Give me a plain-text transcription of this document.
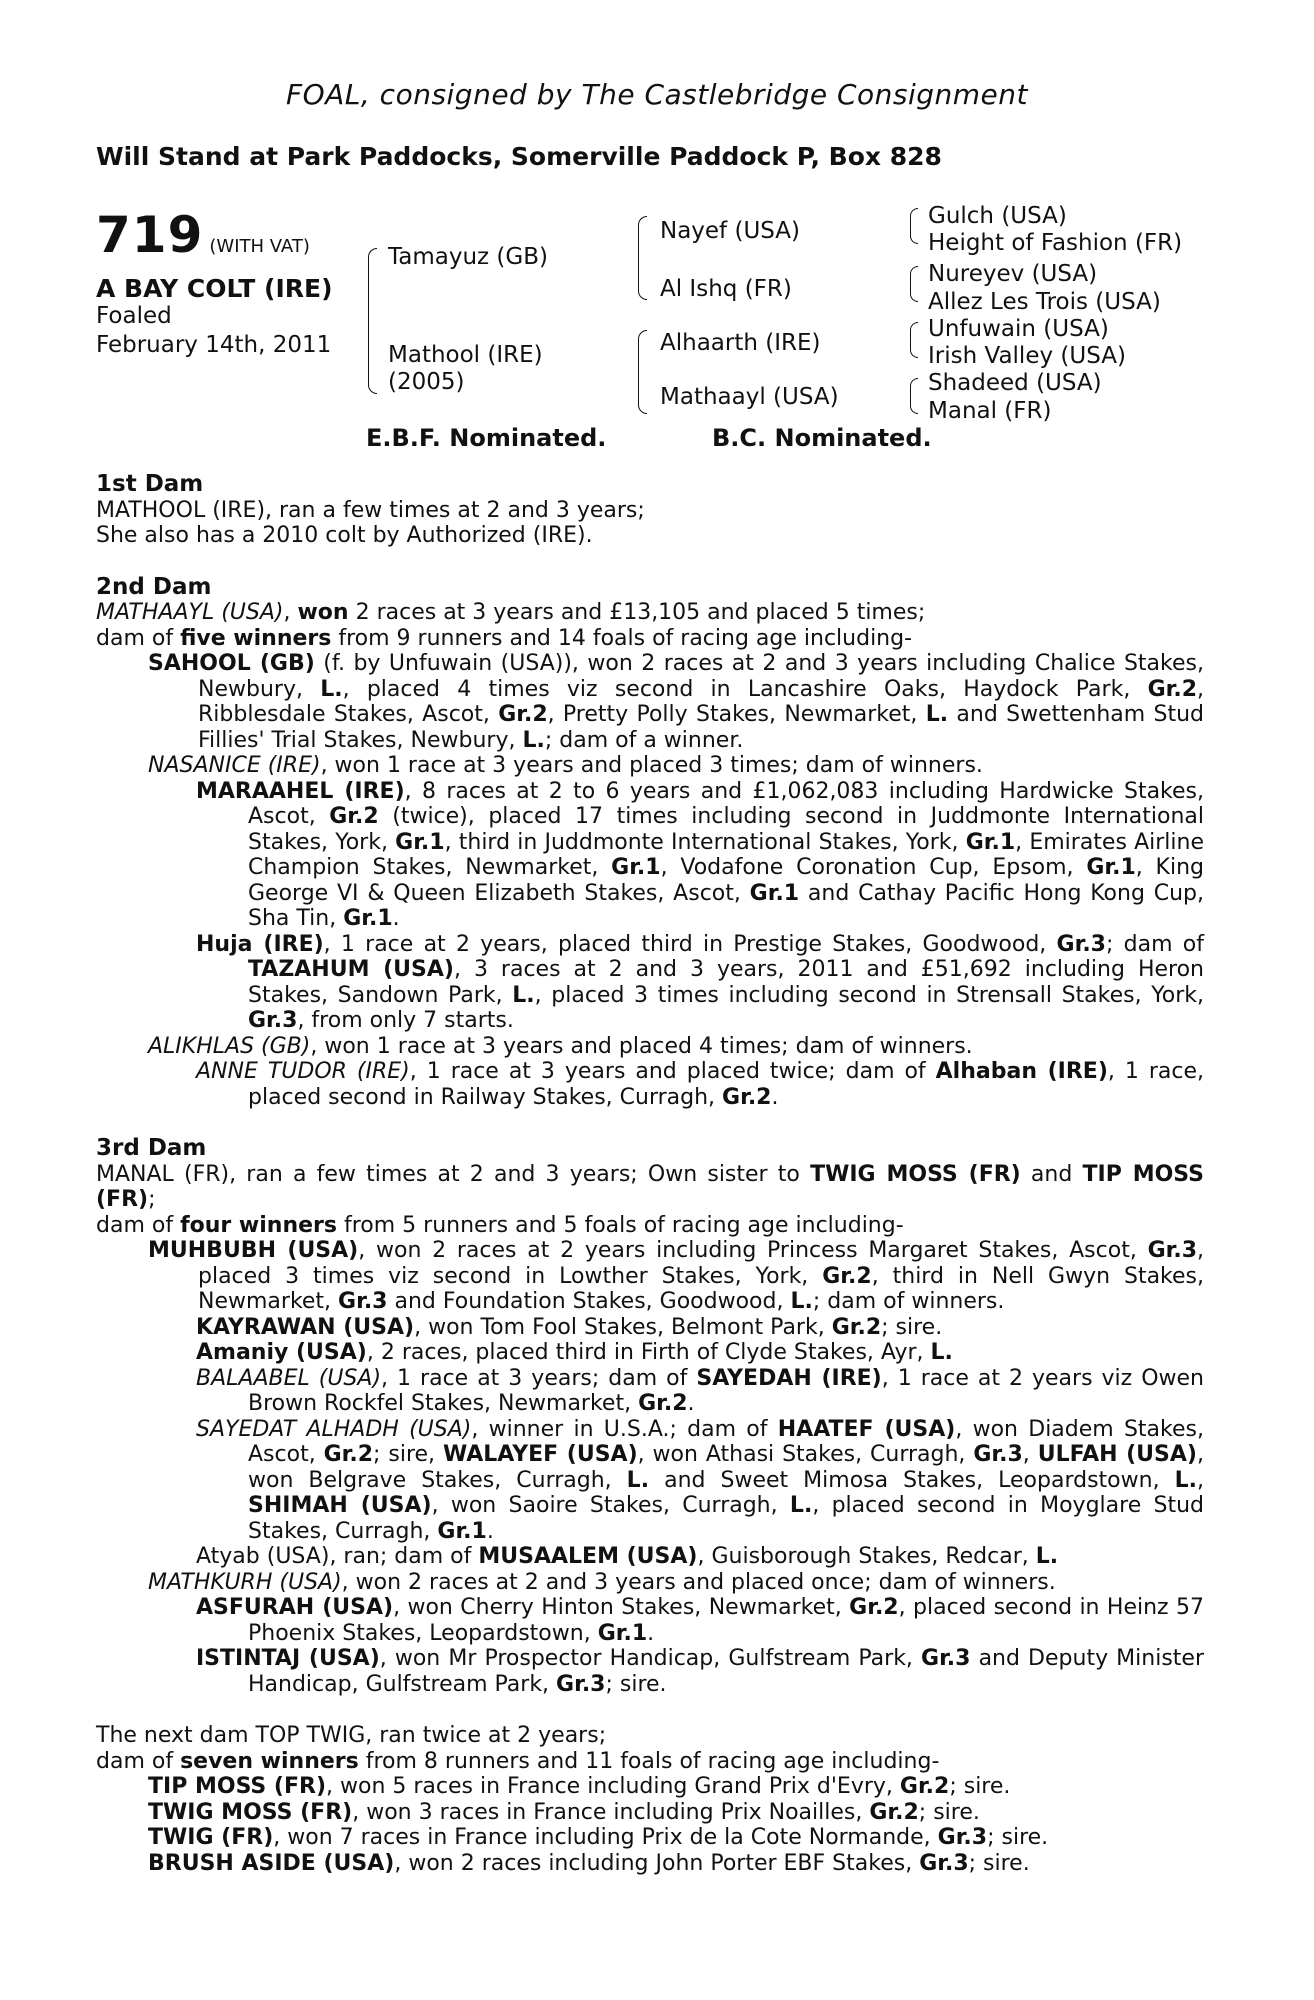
FOAL, consigned by The Castlebridge Consignment
Will Stand at Park Paddocks, Somerville Paddock P, Box 828
719 (WITH VAT)
A BAY COLT (IRE)
Foaled
February 14th, 2011
Tamayuz (GB)
Mathool (IRE)
(2005)
Nayef (USA)
Al Ishq (FR)
Alhaarth (IRE)
Mathaayl (USA)
Gulch (USA)
Height of Fashion (FR)
Nureyev (USA)
Allez Les Trois (USA)
Unfuwain (USA)
Irish Valley (USA)
Shadeed (USA)
Manal (FR)
E.B.F. Nominated.	B.C. Nominated.

1st Dam

MATHOOL (IRE), ran a few times at 2 and 3 years;

She also has a 2010 colt by Authorized (IRE).

2nd Dam

MATHAAYL (USA), won 2 races at 3 years and £13,105 and placed 5 times;

dam of five winners from 9 runners and 14 foals of racing age including-

SAHOOL (GB) (f. by Unfuwain (USA)), won 2 races at 2 and 3 years including Chalice Stakes, Newbury, L., placed 4 times viz second in Lancashire Oaks, Haydock Park, Gr.2, Ribblesdale Stakes, Ascot, Gr.2, Pretty Polly Stakes, Newmarket, L. and Swettenham Stud Fillies' Trial Stakes, Newbury, L.; dam of a winner.

NASANICE (IRE), won 1 race at 3 years and placed 3 times; dam of winners.

MARAAHEL (IRE), 8 races at 2 to 6 years and £1,062,083 including Hardwicke Stakes, Ascot, Gr.2 (twice), placed 17 times including second in Juddmonte International Stakes, York, Gr.1, third in Juddmonte International Stakes, York, Gr.1, Emirates Airline Champion Stakes, Newmarket, Gr.1, Vodafone Coronation Cup, Epsom, Gr.1, King George VI & Queen Elizabeth Stakes, Ascot, Gr.1 and Cathay Pacific Hong Kong Cup, Sha Tin, Gr.1.

Huja (IRE), 1 race at 2 years, placed third in Prestige Stakes, Goodwood, Gr.3; dam of TAZAHUM (USA), 3 races at 2 and 3 years, 2011 and £51,692 including Heron Stakes, Sandown Park, L., placed 3 times including second in Strensall Stakes, York, Gr.3, from only 7 starts.

ALIKHLAS (GB), won 1 race at 3 years and placed 4 times; dam of winners.

ANNE TUDOR (IRE), 1 race at 3 years and placed twice; dam of Alhaban (IRE), 1 race, placed second in Railway Stakes, Curragh, Gr.2.

3rd Dam

MANAL (FR), ran a few times at 2 and 3 years; Own sister to TWIG MOSS (FR) and TIP MOSS (FR);

dam of four winners from 5 runners and 5 foals of racing age including-

MUHBUBH (USA), won 2 races at 2 years including Princess Margaret Stakes, Ascot, Gr.3, placed 3 times viz second in Lowther Stakes, York, Gr.2, third in Nell Gwyn Stakes, Newmarket, Gr.3 and Foundation Stakes, Goodwood, L.; dam of winners.

KAYRAWAN (USA), won Tom Fool Stakes, Belmont Park, Gr.2; sire.

Amaniy (USA), 2 races, placed third in Firth of Clyde Stakes, Ayr, L.

BALAABEL (USA), 1 race at 3 years; dam of SAYEDAH (IRE), 1 race at 2 years viz Owen Brown Rockfel Stakes, Newmarket, Gr.2.

SAYEDAT ALHADH (USA), winner in U.S.A.; dam of HAATEF (USA), won Diadem Stakes, Ascot, Gr.2; sire, WALAYEF (USA), won Athasi Stakes, Curragh, Gr.3, ULFAH (USA), won Belgrave Stakes, Curragh, L. and Sweet Mimosa Stakes, Leopardstown, L., SHIMAH (USA), won Saoire Stakes, Curragh, L., placed second in Moyglare Stud Stakes, Curragh, Gr.1.

Atyab (USA), ran; dam of MUSAALEM (USA), Guisborough Stakes, Redcar, L.

MATHKURH (USA), won 2 races at 2 and 3 years and placed once; dam of winners.

ASFURAH (USA), won Cherry Hinton Stakes, Newmarket, Gr.2, placed second in Heinz 57 Phoenix Stakes, Leopardstown, Gr.1.

ISTINTAJ (USA), won Mr Prospector Handicap, Gulfstream Park, Gr.3 and Deputy Minister Handicap, Gulfstream Park, Gr.3; sire.

The next dam TOP TWIG, ran twice at 2 years;

dam of seven winners from 8 runners and 11 foals of racing age including-

TIP MOSS (FR), won 5 races in France including Grand Prix d'Evry, Gr.2; sire.

TWIG MOSS (FR), won 3 races in France including Prix Noailles, Gr.2; sire.

TWIG (FR), won 7 races in France including Prix de la Cote Normande, Gr.3; sire.

BRUSH ASIDE (USA), won 2 races including John Porter EBF Stakes, Gr.3; sire.
